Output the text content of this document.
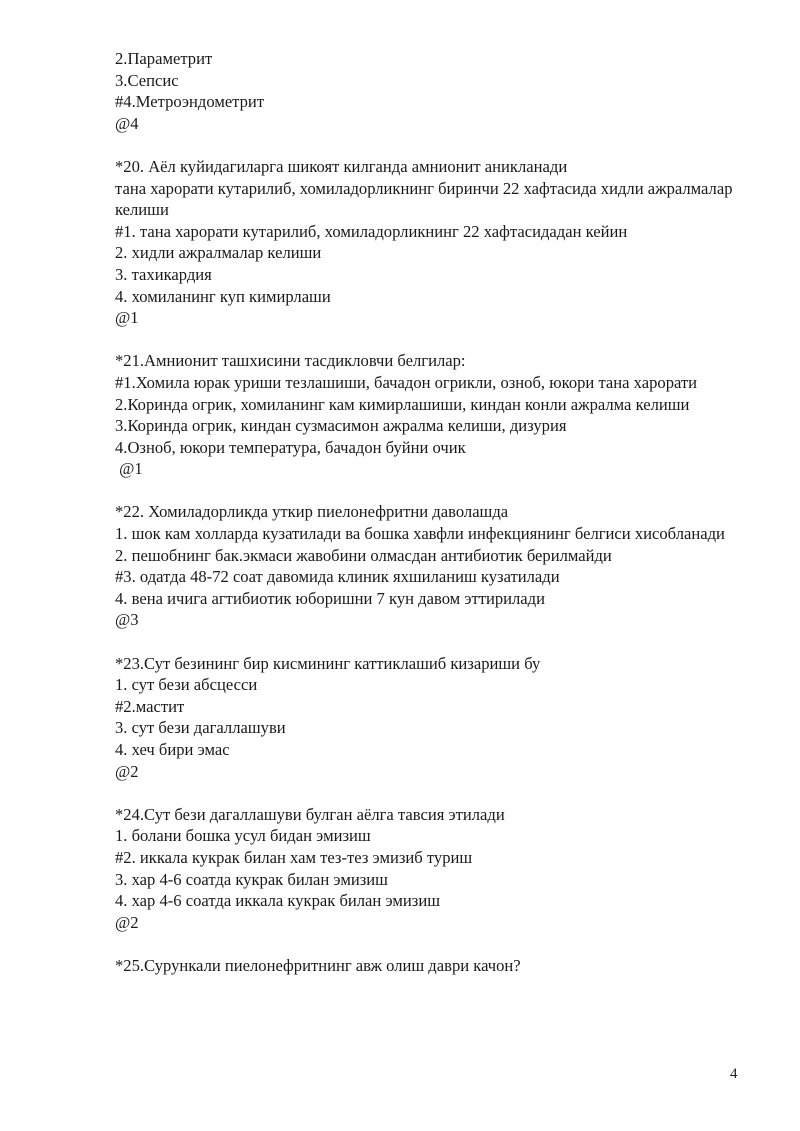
2.Параметрит
3.Сепсис
#4.Метроэндометрит
@4
*20. Аёл куйидагиларга шикоят килганда амнионит аникланади
тана харорати кутарилиб, хомиладорликнинг биринчи 22 хафтасида хидли ажралмалар келиши
#1. тана харорати кутарилиб, хомиладорликнинг 22 хафтасидадан кейин
2. хидли ажралмалар келиши
3. тахикардия
4. хомиланинг куп кимирлаши
@1
*21.Амнионит ташхисини тасдикловчи белгилар:
#1.Хомила юрак уриши тезлашиши, бачадон огрикли, озноб, юкори тана харорати
2.Коринда огрик, хомиланинг кам кимирлашиши, киндан конли ажралма келиши
3.Коринда огрик, киндан сузмасимон ажралма келиши, дизурия
4.Озноб, юкори температура, бачадон буйни очик
@1
*22. Хомиладорликда уткир пиелонефритни даволашда
1. шок кам холларда кузатилади ва бошка хавфли инфекциянинг белгиси хисобланади
2. пешобнинг бак.экмаси жавобини олмасдан антибиотик берилмайди
#3. одатда 48-72 соат давомида клиник яхшиланиш кузатилади
4. вена ичига агтибиотик юборишни 7 кун давом эттирилади
@3
*23.Сут безининг бир кисмининг каттиклашиб кизариши бу
1. сут бези абсцесси
#2.мастит
3. сут бези дагаллашуви
4. хеч бири эмас
@2
*24.Сут бези дагаллашуви булган аёлга тавсия этилади
1. болани бошка усул бидан эмизиш
#2. иккала кукрак билан хам тез-тез эмизиб туриш
3. хар 4-6 соатда кукрак билан эмизиш
4. хар 4-6 соатда иккала кукрак билан эмизиш
@2
*25.Сурункали пиелонефритнинг авж олиш даври качон?
4
